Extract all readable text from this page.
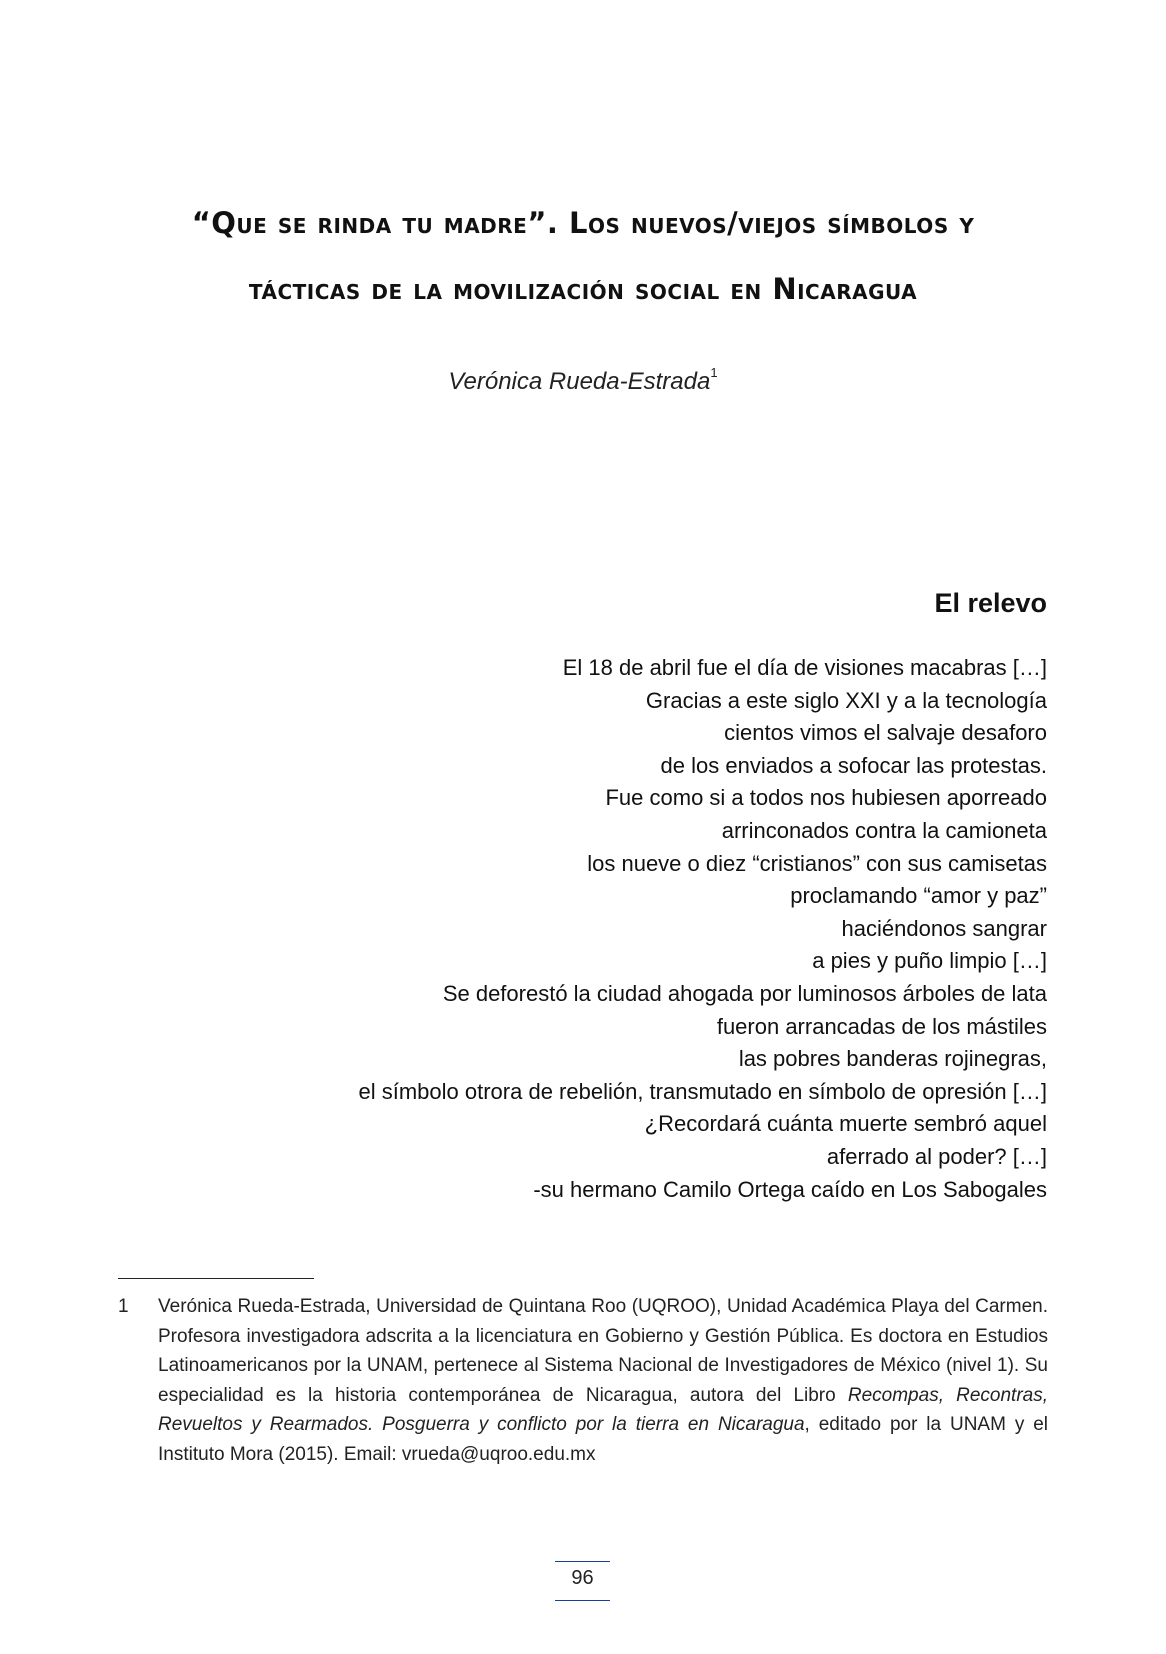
“Que se rinda tu madre”. Los nuevos/viejos símbolos y
tácticas de la movilización social en Nicaragua
Verónica Rueda-Estrada$^1$
El relevo
El 18 de abril fue el día de visiones macabras […]
Gracias a este siglo XXI y a la tecnología
cientos vimos el salvaje desaforo
de los enviados a sofocar las protestas.
Fue como si a todos nos hubiesen aporreado
arrinconados contra la camioneta
los nueve o diez “cristianos” con sus camisetas
proclamando “amor y paz”
haciéndonos sangrar
a pies y puño limpio […]
Se deforestó la ciudad ahogada por luminosos árboles de lata
fueron arrancadas de los mástiles
las pobres banderas rojinegras,
el símbolo otrora de rebelión, transmutado en símbolo de opresión […]
¿Recordará cuánta muerte sembró aquel
aferrado al poder? […]
-su hermano Camilo Ortega caído en Los Sabogales
1 Verónica Rueda-Estrada, Universidad de Quintana Roo (UQROO), Unidad Académica Playa del Carmen. Profesora investigadora adscrita a la licenciatura en Gobierno y Gestión Pública. Es doctora en Estudios Latinoamericanos por la UNAM, pertenece al Sistema Nacional de Investigadores de México (nivel 1). Su especialidad es la historia contemporánea de Nicaragua, autora del Libro Recompas, Recontras, Revueltos y Rearmados. Posguerra y conflicto por la tierra en Nicaragua, editado por la UNAM y el Instituto Mora (2015). Email: vrueda@uqroo.edu.mx
96
